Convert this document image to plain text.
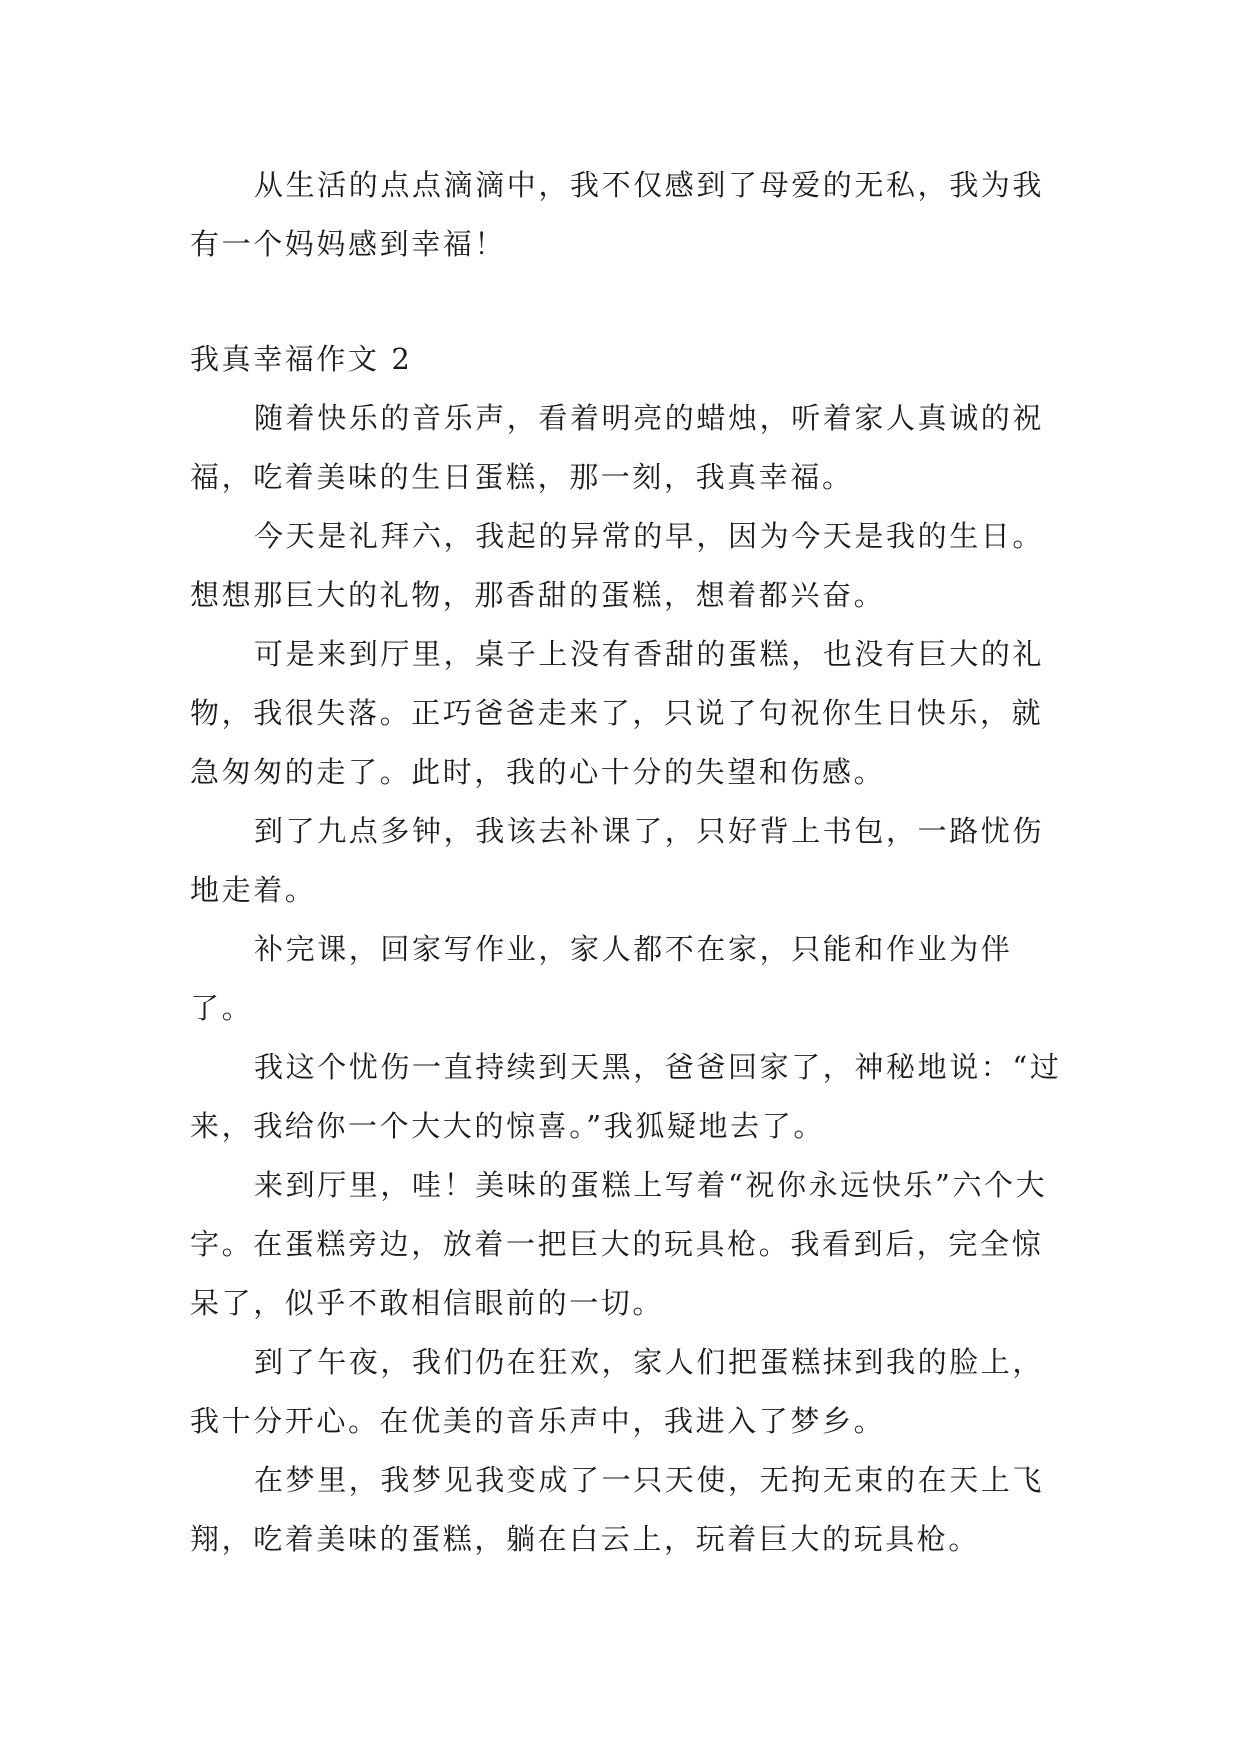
从生活的点点滴滴中，我不仅感到了母爱的无私，我为我有一个妈妈感到幸福！

我真幸福作文 2

随着快乐的音乐声，看着明亮的蜡烛，听着家人真诚的祝福，吃着美味的生日蛋糕，那一刻，我真幸福。

今天是礼拜六，我起的异常的早，因为今天是我的生日。想想那巨大的礼物，那香甜的蛋糕，想着都兴奋。

可是来到厅里，桌子上没有香甜的蛋糕，也没有巨大的礼物，我很失落。正巧爸爸走来了，只说了句祝你生日快乐，就急匆匆的走了。此时，我的心十分的失望和伤感。

到了九点多钟，我该去补课了，只好背上书包，一路忧伤地走着。

补完课，回家写作业，家人都不在家，只能和作业为伴了。

我这个忧伤一直持续到天黑，爸爸回家了，神秘地说：“过来，我给你一个大大的惊喜。”我狐疑地去了。

来到厅里，哇！美味的蛋糕上写着“祝你永远快乐”六个大字。在蛋糕旁边，放着一把巨大的玩具枪。我看到后，完全惊呆了，似乎不敢相信眼前的一切。

到了午夜，我们仍在狂欢，家人们把蛋糕抹到我的脸上，我十分开心。在优美的音乐声中，我进入了梦乡。

在梦里，我梦见我变成了一只天使，无拘无束的在天上飞翔，吃着美味的蛋糕，躺在白云上，玩着巨大的玩具枪。
